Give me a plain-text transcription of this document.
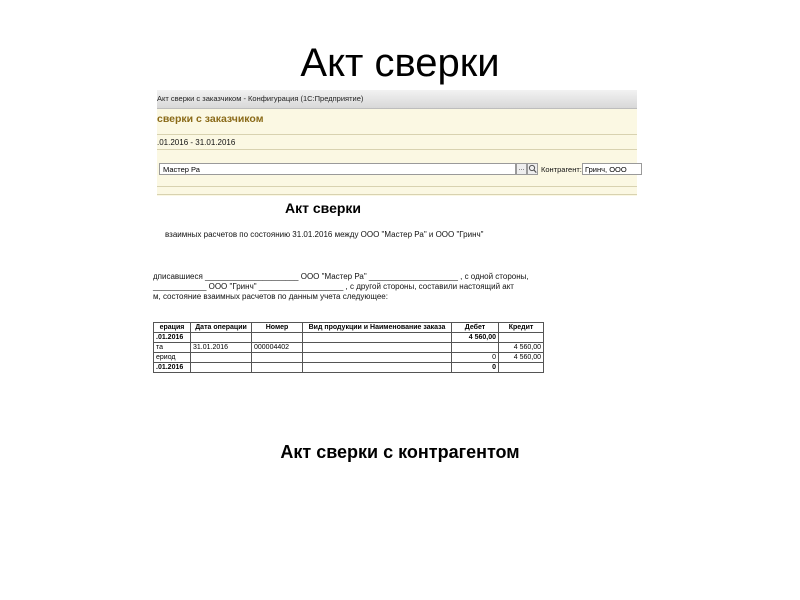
Акт сверки
Акт сверки с заказчиком - Конфигурация (1С:Предприятие)
сверки с заказчиком
.01.2016 - 31.01.2016
Мастер Ра	...	Контрагент: Гринч, ООО
Акт сверки
взаимных расчетов по состоянию 31.01.2016 между ООО "Мастер Ра" и ООО "Гринч"
дписавшиеся _____________________ ООО "Мастер Ра" ____________________ , с одной стороны,
____________ ООО "Гринч" ___________________ , с другой стороны, составили настоящий акт
м, состояние взаимных расчетов по данным учета следующее:
ерация	Дата операции	Номер	Вид продукции и Наименование заказа	Дебет	Кредит
.01.2016				4 560,00	
та	31.01.2016	000004402			4 560,00
ериод				0	4 560,00
.01.2016				0	
Акт сверки с контрагентом
